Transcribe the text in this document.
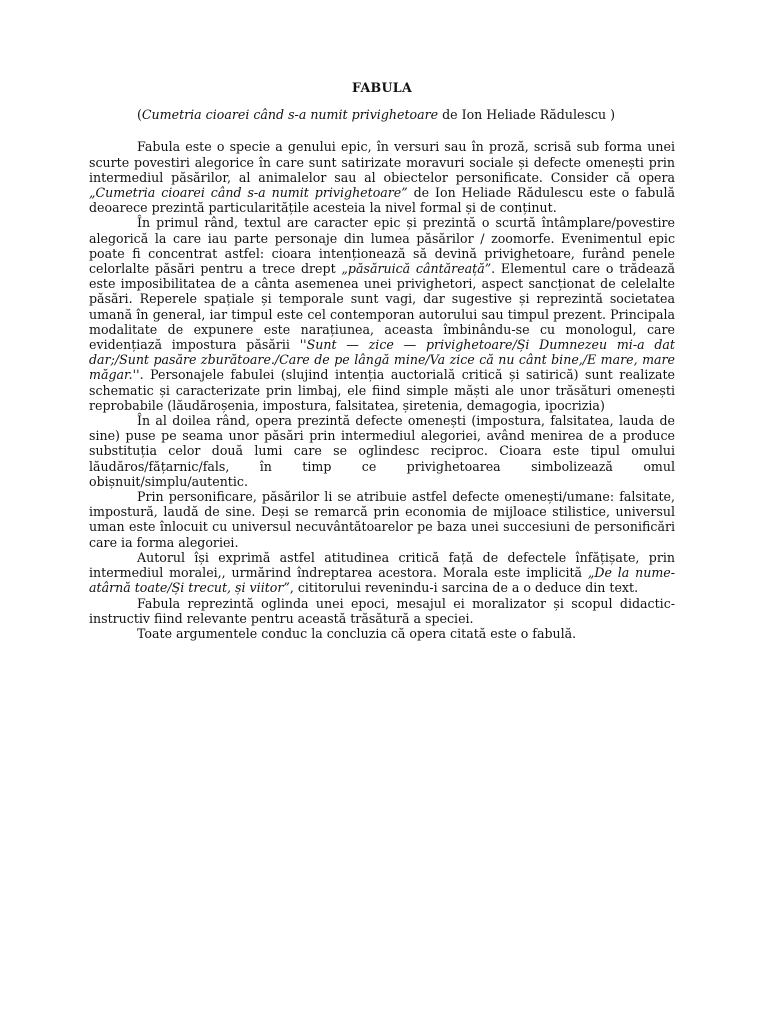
FABULA
(Cumetria cioarei când s-a numit privighetoare de Ion Heliade Rădulescu )

Fabula este o specie a genului epic, în versuri sau în proză, scrisă sub forma unei scurte povestiri alegorice în care sunt satirizate moravuri sociale și defecte omenești prin intermediul păsărilor, al animalelor sau al obiectelor personificate. Consider că opera „Cumetria cioarei când s-a numit privighetoare” de Ion Heliade Rădulescu este o fabulă deoarece prezintă particularitățile acesteia la nivel formal și de conținut.

În primul rând, textul are caracter epic și prezintă o scurtă întâmplare/povestire alegorică la care iau parte personaje din lumea păsărilor / zoomorfe. Evenimentul epic poate fi concentrat astfel: cioara intenționează să devină privighetoare, furând penele celorlalte păsări pentru a trece drept „păsăruică cântăreață”. Elementul care o trădează este imposibilitatea de a cânta asemenea unei privighetori, aspect sancționat de celelalte păsări. Reperele spațiale și temporale sunt vagi, dar sugestive și reprezintă societatea umană în general, iar timpul este cel contemporan autorului sau timpul prezent. Principala modalitate de expunere este narațiunea, aceasta îmbinându-se cu monologul, care evidențiază impostura păsării ''Sunt — zice — privighetoare/Și Dumnezeu mi-a dat dar;/Sunt pasăre zburătoare./Care de pe lângă mine/Va zice că nu cânt bine,/E mare, mare măgar.''. Personajele fabulei (slujind intenția auctorială critică și satirică) sunt realizate schematic și caracterizate prin limbaj, ele fiind simple măști ale unor trăsături omenești reprobabile (lăudăroșenia, impostura, falsitatea, șiretenia, demagogia, ipocrizia)

În al doilea rând, opera prezintă defecte omenești (impostura, falsitatea, lauda de sine) puse pe seama unor păsări prin intermediul alegoriei, având menirea de a produce substituția celor două lumi care se oglindesc reciproc. Cioara este tipul omului lăudăros/fățarnic/fals, în timp ce privighetoarea simbolizează omul obișnuit/simplu/autentic.

Prin personificare, păsărilor li se atribuie astfel defecte omenești/umane: falsitate, impostură, laudă de sine. Deși se remarcă prin economia de mijloace stilistice, universul uman este înlocuit cu universul necuvântătoarelor pe baza unei succesiuni de personificări care ia forma alegoriei.

Autorul își exprimă astfel atitudinea critică față de defectele înfățișate, prin intermediul moralei,, urmărind îndreptarea acestora. Morala este implicită „De la nume-atârnă toate/Și trecut, și viitor”, cititorului revenindu-i sarcina de a o deduce din text.

Fabula reprezintă oglinda unei epoci, mesajul ei moralizator și scopul didactic-instructiv fiind relevante pentru această trăsătură a speciei.

Toate argumentele conduc la concluzia că opera citată este o fabulă.
